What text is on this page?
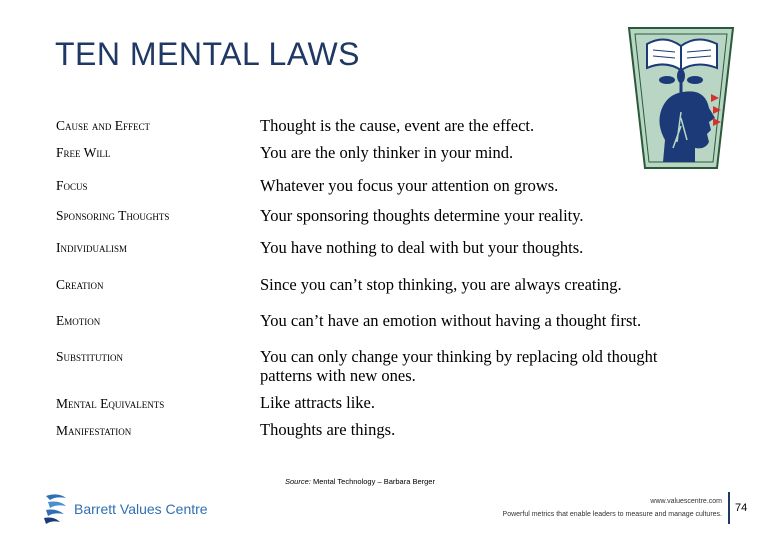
TEN MENTAL LAWS
Cause and Effect	Thought is the cause, event are the effect.
Free Will	You are the only thinker in your mind.
Focus	Whatever you focus your attention on grows.
Sponsoring Thoughts	Your sponsoring thoughts determine your reality.
Individualism	You have nothing to deal with but your thoughts.
Creation	Since you can’t stop thinking, you are always creating.
Emotion	You can’t have an emotion without having a thought first.
Substitution	You can only change your thinking by replacing old thought patterns with new ones.
Mental Equivalents	Like attracts like.
Manifestation	Thoughts are things.
Source: Mental Technology – Barbara Berger
Barrett Values Centre	www.valuescentre.com
Powerful metrics that enable leaders to measure and manage cultures.
74
